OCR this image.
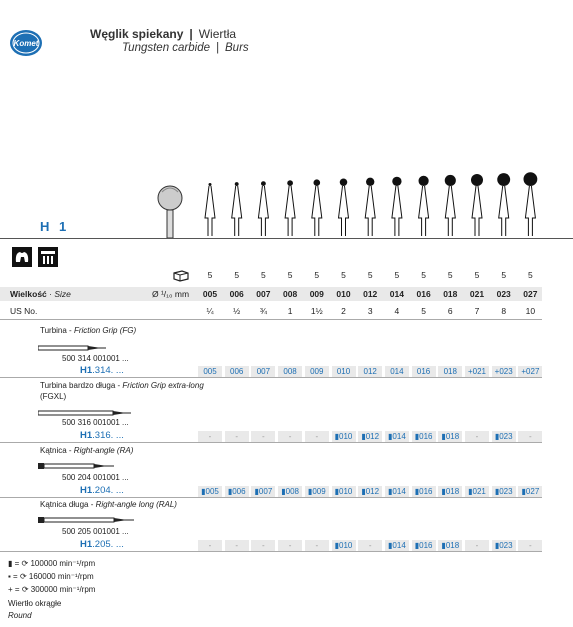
Komet
Węglik spiekany | Wiertła
Tungsten carbide | Burs
H 1
5	5	5	5	5	5	5	5	5	5	5	5	5
Wielkość · Size	Ø ¹/₁₀ mm	005	006	007	008	009	010	012	014	016	018	021	023	027
US No.	¼	½	¾	1	1½	2	3	4	5	6	7	8	10
Turbina - Friction Grip (FG)
500 314 001001 ...
H1.314. ...	005	006	007	008	009	010	012	014	016	018	+021	+023	+027
Turbina bardzo długa - Friction Grip extra-long
(FGXL)
500 316 001001 ...
H1.316. ...	-	-	-	-	-	▮010	▮012	▮014	▮016	▮018	-	▮023	-
Kątnica - Right-angle (RA)
500 204 001001 ...
H1.204. ...	▮005	▮006	▮007	▮008	▮009	▮010	▮012	▮014	▮016	▮018	▮021	▮023	▮027
Kątnica długa - Right-angle long (RAL)
500 205 001001 ...
H1.205. ...	-	-	-	-	-	▮010	-	▮014	▮016	▮018	-	▮023	-
▮ = ⟳ 100000 min⁻¹/rpm
▪ = ⟳ 160000 min⁻¹/rpm
+ = ⟳ 300000 min⁻¹/rpm
Wiertło okrągłe
Round
